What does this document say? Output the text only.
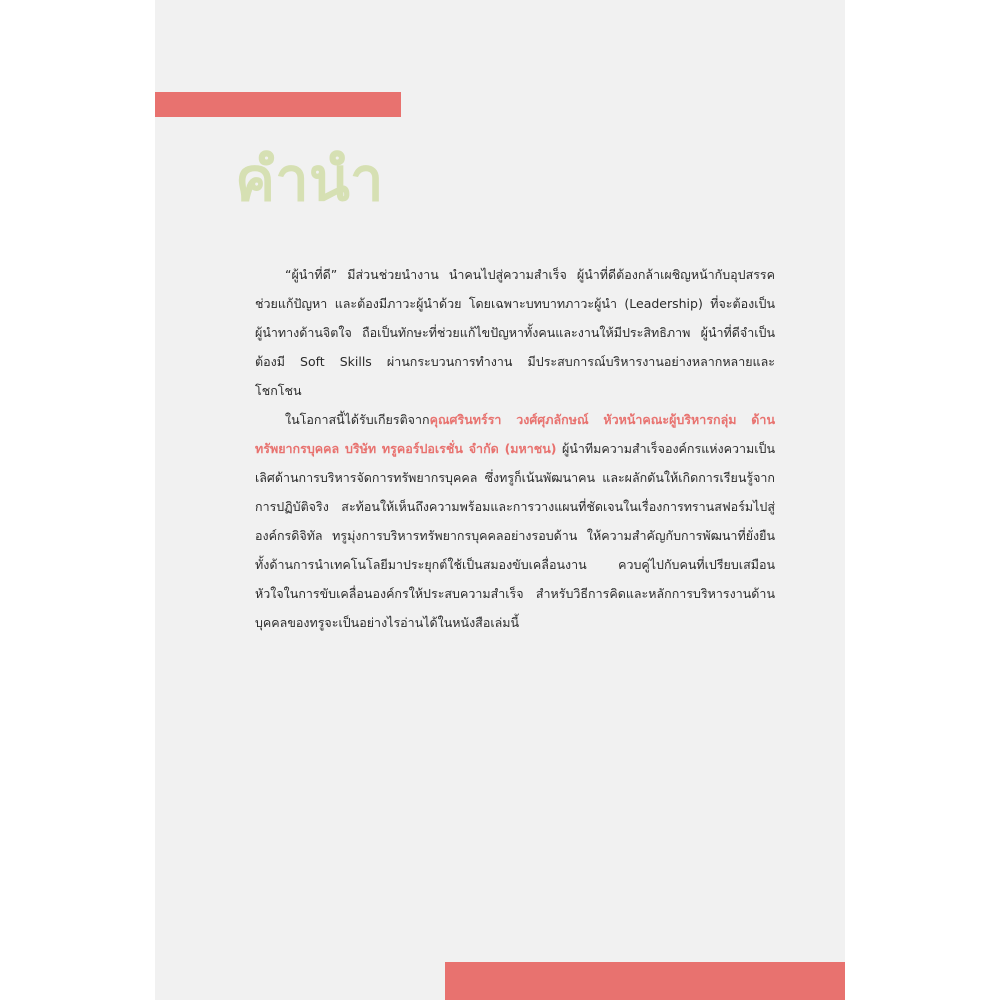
คำนำ

“ผู้นำที่ดี” มีส่วนช่วยนำงาน นำคนไปสู่ความสำเร็จ ผู้นำที่ดีต้องกล้าเผชิญหน้ากับอุปสรรค ช่วยแก้ปัญหา และต้องมีภาวะผู้นำด้วย โดยเฉพาะบทบาทภาวะผู้นำ (Leadership) ที่จะต้องเป็นผู้นำทางด้านจิตใจ ถือเป็นทักษะที่ช่วยแก้ไขปัญหาทั้งคนและงานให้มีประสิทธิภาพ ผู้นำที่ดีจำเป็นต้องมี Soft Skills ผ่านกระบวนการทำงาน มีประสบการณ์บริหารงานอย่างหลากหลายและโชกโชน

ในโอกาสนี้ได้รับเกียรติจากคุณศรินทร์รา วงศ์ศุภลักษณ์ หัวหน้าคณะผู้บริหารกลุ่ม ด้านทรัพยากรบุคคล บริษัท ทรูคอร์ปอเรชั่น จำกัด (มหาชน) ผู้นำทีมความสำเร็จองค์กรแห่งความเป็นเลิศด้านการบริหารจัดการทรัพยากรบุคคล ซึ่งทรูก็เน้นพัฒนาคน และผลักดันให้เกิดการเรียนรู้จากการปฏิบัติจริง สะท้อนให้เห็นถึงความพร้อมและการวางแผนที่ชัดเจนในเรื่องการทรานสฟอร์มไปสู่องค์กรดิจิทัล ทรูมุ่งการบริหารทรัพยากรบุคคลอย่างรอบด้าน ให้ความสำคัญกับการพัฒนาที่ยั่งยืน ทั้งด้านการนำเทคโนโลยีมาประยุกต์ใช้เป็นสมองขับเคลื่อนงาน ควบคู่ไปกับคนที่เปรียบเสมือนหัวใจในการขับเคลื่อนองค์กรให้ประสบความสำเร็จ สำหรับวิธีการคิดและหลักการบริหารงานด้านบุคคลของทรูจะเป็นอย่างไรอ่านได้ในหนังสือเล่มนี้
